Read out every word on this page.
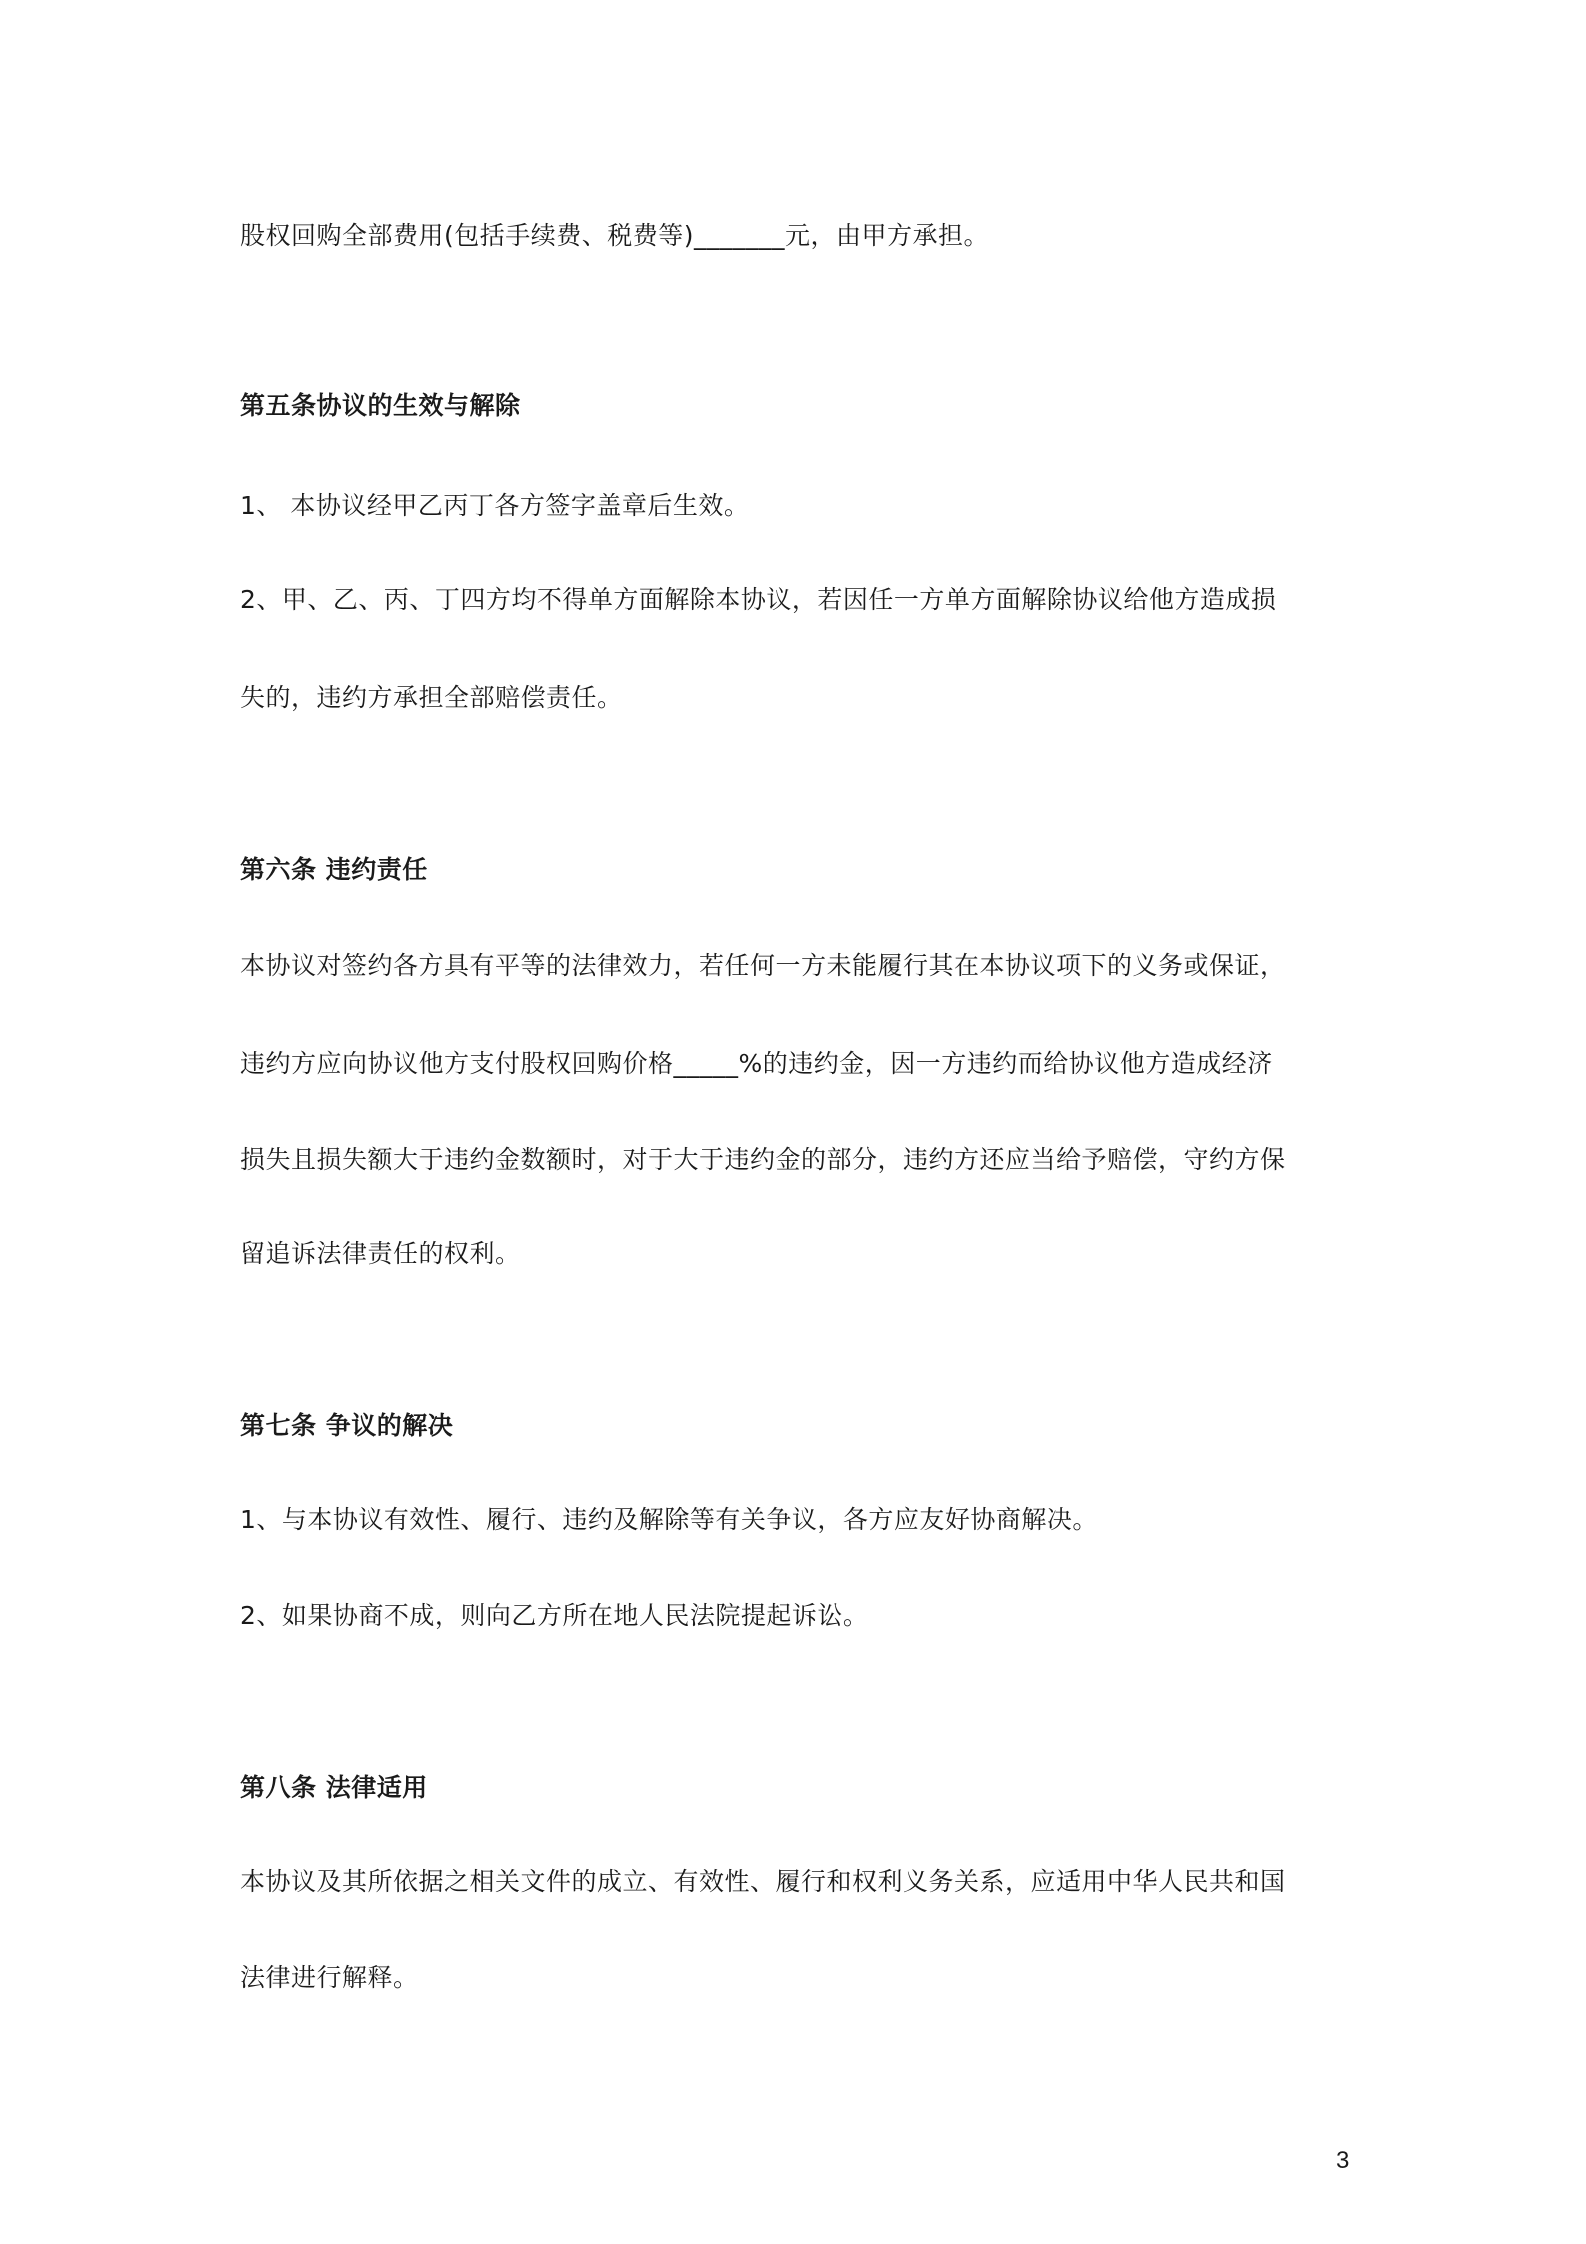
股权回购全部费用(包括手续费、税费等)_______元，由甲方承担。

第五条协议的生效与解除

1、 本协议经甲乙丙丁各方签字盖章后生效。

2、甲、乙、丙、丁四方均不得单方面解除本协议，若因任一方单方面解除协议给他方造成损

失的，违约方承担全部赔偿责任。

第六条 违约责任

本协议对签约各方具有平等的法律效力，若任何一方未能履行其在本协议项下的义务或保证，

违约方应向协议他方支付股权回购价格_____%的违约金，因一方违约而给协议他方造成经济

损失且损失额大于违约金数额时，对于大于违约金的部分，违约方还应当给予赔偿，守约方保

留追诉法律责任的权利。

第七条 争议的解决

1、与本协议有效性、履行、违约及解除等有关争议，各方应友好协商解决。

2、如果协商不成，则向乙方所在地人民法院提起诉讼。

第八条 法律适用

本协议及其所依据之相关文件的成立、有效性、履行和权利义务关系，应适用中华人民共和国

法律进行解释。

3
